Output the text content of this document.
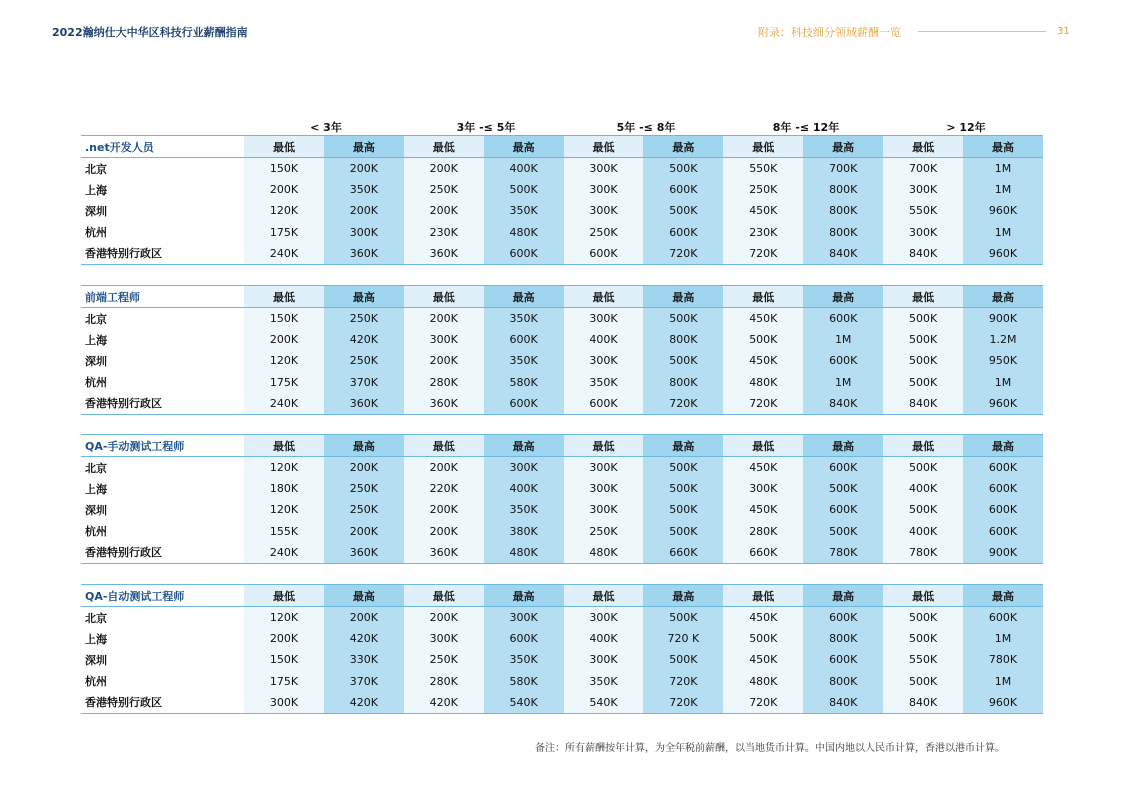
2022瀚纳仕大中华区科技行业薪酬指南	附录：科技细分领域薪酬一览	31
< 3年	3年 -≤ 5年	5年 -≤ 8年	8年 -≤ 12年	> 12年
.net开发人员	最低	最高	最低	最高	最低	最高	最低	最高	最低	最高
北京	150K	200K	200K	400K	300K	500K	550K	700K	700K	1M
上海	200K	350K	250K	500K	300K	600K	250K	800K	300K	1M
深圳	120K	200K	200K	350K	300K	500K	450K	800K	550K	960K
杭州	175K	300K	230K	480K	250K	600K	230K	800K	300K	1M
香港特别行政区	240K	360K	360K	600K	600K	720K	720K	840K	840K	960K
前端工程师	最低	最高	最低	最高	最低	最高	最低	最高	最低	最高
北京	150K	250K	200K	350K	300K	500K	450K	600K	500K	900K
上海	200K	420K	300K	600K	400K	800K	500K	1M	500K	1.2M
深圳	120K	250K	200K	350K	300K	500K	450K	600K	500K	950K
杭州	175K	370K	280K	580K	350K	800K	480K	1M	500K	1M
香港特别行政区	240K	360K	360K	600K	600K	720K	720K	840K	840K	960K
QA-手动测试工程师	最低	最高	最低	最高	最低	最高	最低	最高	最低	最高
北京	120K	200K	200K	300K	300K	500K	450K	600K	500K	600K
上海	180K	250K	220K	400K	300K	500K	300K	500K	400K	600K
深圳	120K	250K	200K	350K	300K	500K	450K	600K	500K	600K
杭州	155K	200K	200K	380K	250K	500K	280K	500K	400K	600K
香港特别行政区	240K	360K	360K	480K	480K	660K	660K	780K	780K	900K
QA-自动测试工程师	最低	最高	最低	最高	最低	最高	最低	最高	最低	最高
北京	120K	200K	200K	300K	300K	500K	450K	600K	500K	600K
上海	200K	420K	300K	600K	400K	720 K	500K	800K	500K	1M
深圳	150K	330K	250K	350K	300K	500K	450K	600K	550K	780K
杭州	175K	370K	280K	580K	350K	720K	480K	800K	500K	1M
香港特别行政区	300K	420K	420K	540K	540K	720K	720K	840K	840K	960K
备注：所有薪酬按年计算，为全年税前薪酬，以当地货币计算。中国内地以人民币计算，香港以港币计算。
